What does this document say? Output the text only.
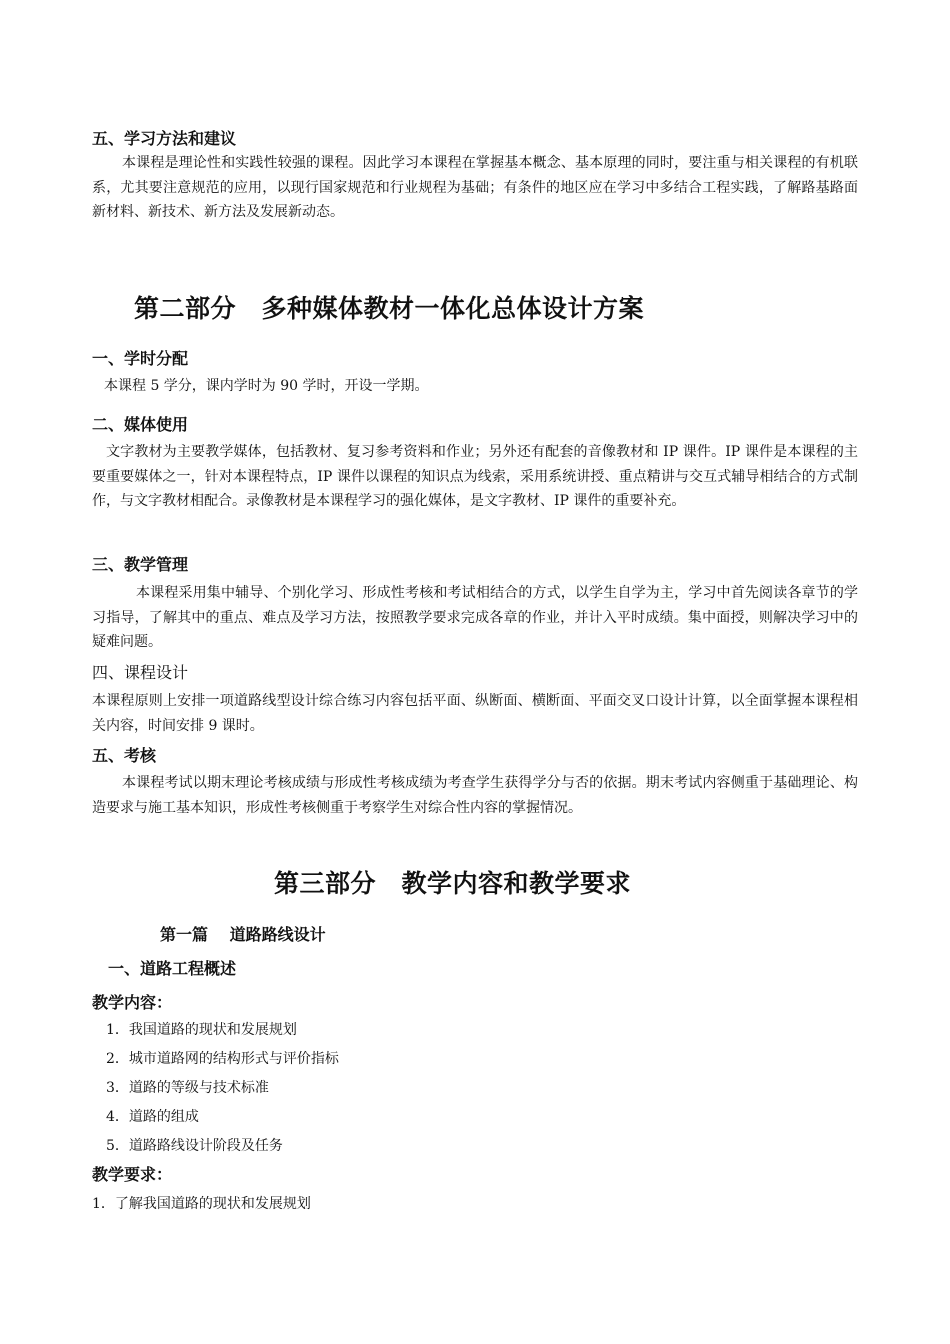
五、学习方法和建议
本课程是理论性和实践性较强的课程。因此学习本课程在掌握基本概念、基本原理的同时，要注重与相关课程的有机联系，尤其要注意规范的应用，以现行国家规范和行业规程为基础；有条件的地区应在学习中多结合工程实践，了解路基路面新材料、新技术、新方法及发展新动态。
第二部分　多种媒体教材一体化总体设计方案
一、学时分配
本课程 5 学分，课内学时为 90 学时，开设一学期。
二、媒体使用
文字教材为主要教学媒体，包括教材、复习参考资料和作业；另外还有配套的音像教材和 IP 课件。IP 课件是本课程的主要重要媒体之一，针对本课程特点，IP 课件以课程的知识点为线索，采用系统讲授、重点精讲与交互式辅导相结合的方式制作，与文字教材相配合。录像教材是本课程学习的强化媒体，是文字教材、IP 课件的重要补充。
三、教学管理
本课程采用集中辅导、个别化学习、形成性考核和考试相结合的方式，以学生自学为主，学习中首先阅读各章节的学习指导，了解其中的重点、难点及学习方法，按照教学要求完成各章的作业，并计入平时成绩。集中面授，则解决学习中的疑难问题。
四、课程设计
本课程原则上安排一项道路线型设计综合练习内容包括平面、纵断面、横断面、平面交叉口设计计算，以全面掌握本课程相关内容，时间安排 9 课时。
五、考核
本课程考试以期末理论考核成绩与形成性考核成绩为考查学生获得学分与否的依据。期末考试内容侧重于基础理论、构造要求与施工基本知识，形成性考核侧重于考察学生对综合性内容的掌握情况。
第三部分　教学内容和教学要求
第一篇　 道路路线设计
一、道路工程概述
教学内容：
1．我国道路的现状和发展规划
2．城市道路网的结构形式与评价指标
3．道路的等级与技术标准
4．道路的组成
5．道路路线设计阶段及任务
教学要求：
1．了解我国道路的现状和发展规划
